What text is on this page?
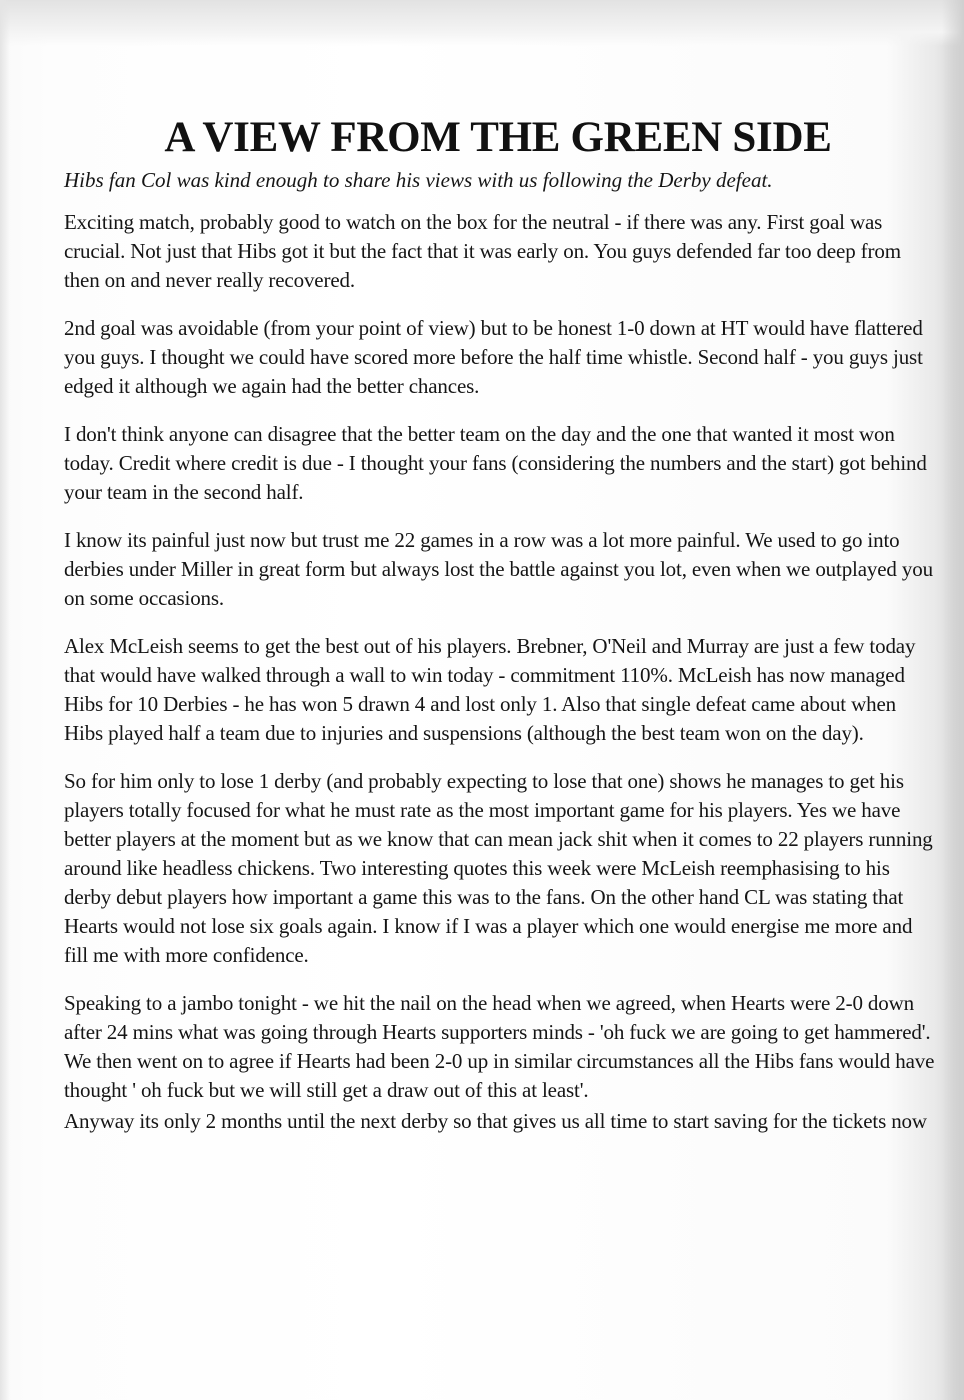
A VIEW FROM THE GREEN SIDE

Hibs fan Col was kind enough to share his views with us following the Derby defeat.

Exciting match, probably good to watch on the box for the neutral - if there was any. First goal was crucial. Not just that Hibs got it but the fact that it was early on. You guys defended far too deep from then on and never really recovered.

2nd goal was avoidable (from your point of view) but to be honest 1-0 down at HT would have flattered you guys. I thought we could have scored more before the half time whistle. Second half - you guys just edged it although we again had the better chances.

I don't think anyone can disagree that the better team on the day and the one that wanted it most won today. Credit where credit is due - I thought your fans (considering the numbers and the start) got behind your team in the second half.

I know its painful just now but trust me 22 games in a row was a lot more painful. We used to go into derbies under Miller in great form but always lost the battle against you lot, even when we outplayed you on some occasions.

Alex McLeish seems to get the best out of his players. Brebner, O'Neil and Murray are just a few today that would have walked through a wall to win today - commitment 110%. McLeish has now managed Hibs for 10 Derbies - he has won 5 drawn 4 and lost only 1. Also that single defeat came about when Hibs played half a team due to injuries and suspensions (although the best team won on the day).

So for him only to lose 1 derby (and probably expecting to lose that one) shows he manages to get his players totally focused for what he must rate as the most important game for his players. Yes we have better players at the moment but as we know that can mean jack shit when it comes to 22 players running around like headless chickens. Two interesting quotes this week were McLeish reemphasising to his derby debut players how important a game this was to the fans. On the other hand CL was stating that Hearts would not lose six goals again. I know if I was a player which one would energise me more and fill me with more confidence.

Speaking to a jambo tonight - we hit the nail on the head when we agreed, when Hearts were 2-0 down after 24 mins what was going through Hearts supporters minds - 'oh fuck we are going to get hammered'. We then went on to agree if Hearts had been 2-0 up in similar circumstances all the Hibs fans would have thought ' oh fuck but we will still get a draw out of this at least'.

Anyway its only 2 months until the next derby so that gives us all time to start saving for the tickets now
